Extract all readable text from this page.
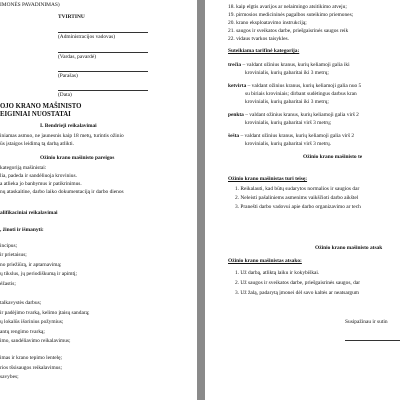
IMONĖS PAVADINIMAS)
TVIRTINU
(Administracijos vadovas)
(Vardas, pavardė)
(Parašas)
(Data)
OJO KRANO MAŠINISTO
EIGINIAI NUOSTATAI
I. Bendrieji reikalavimai
iniamas asmuo, ne jaunesnis kaip 18 metų, turintis ožinio
ūs įstaigos leidimą tą darbą atlikti.
Ožinio krano mašinisto pareigos
kategoriją mašinistai:
lia, padeda ir sandėliuoja krovinius.
a atlieka jo banbymus ir patikrinimus.
nų ataskaitine, darbo laiko dokumentaciją ir darbo dienos
alifikaciniai reikalavimai
, žinoti ir išmanyti:
incipus;
ir prietaisus;
no priežiūrą, ir aptarnavimą;
ų tikslus, jų periodiškumą ir apimtį;
ėžastis;
talkavystės darbus;
ir padėjimo tvarką, kelimo įtaisų sandarą;
ų lokalūs išorinius požymius;
antų rengimo tvarką;
imo, sandėliavimo reikalavimus;
imas ir krano tepimo lentelę;
rios tšsisaugos reikalavimus;
savybes;
18. kaip elgtis avarijos ar nelaimingo atsitikimo atveju;
19. pirmosios medicininės pagalbos suteikimo priemones;
20. krano eksploatavimo instrukciją;
21. saugos ir sveikatos darbe, priešgaisrinės saugos reik
22. vidaus tvarkos taisykles.
Suteikiama tarifinė kategorija:
trečia – valdant ožinius kranus, kurių keliamoji galia iki
krovinialis, kurių gabaritai iki 3 metrų;
ketvirta – valdant ožinius kranus, kurių keliamoji galia nuo 5
su biriais kroviniais; dirbant sudėtingus darbus kran
krovinialis, kurių gabaritai iki 3 metrų;
penkta – valdant ožinius kranus, kurių keliamoji galia virš 2
krovinialis, kurių gabaritai virš 3 metrų;
šešta – valdant ožinius kranus, kurių keliamoji galia virš 2
krovinialis, kurių gabaritai virš 3 metrų.
Ožinio krano mašinisto te
Ožinio krano mašinistas turi teisę:
1. Reikalauti, kad būtų sudarytos normalios ir saugios dar
2. Neleisti pašaliniems asmenims vaikščioti darbo aikštel
3. Pranešti darbo vadovui apie darbo organizavimo ar tech
Ožinio krano mašinisto atsak
Ožinio krano mašinistas atsako:
1. Už darbą, atliktą laiku ir kokybiškai.
2. Už saugos ir sveikatos darbe, priešgaisrinės saugos, dar
3. Už žalą, padarytą įmonei dėl savo kaltės ar neatsargum
Susipažinau ir sutin
